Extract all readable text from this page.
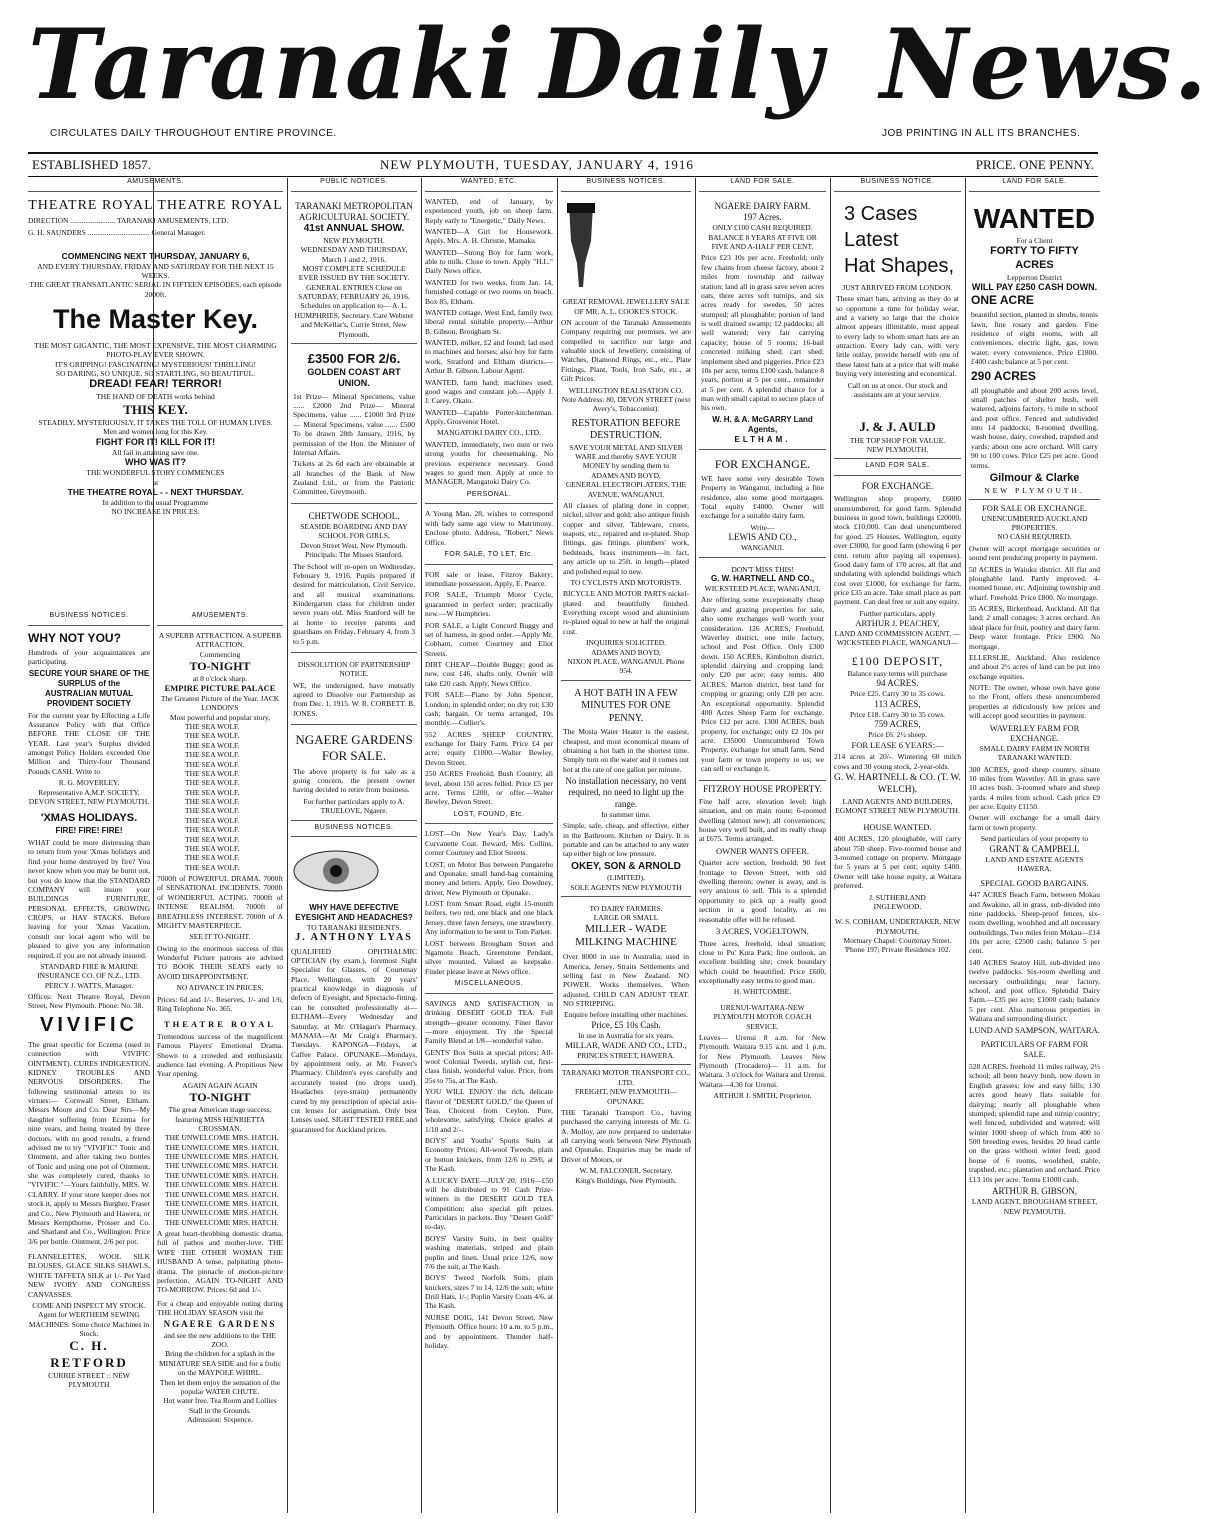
Taranaki Daily News.
CIRCULATES DAILY THROUGHOUT ENTIRE PROVINCE.	JOB PRINTING IN ALL ITS BRANCHES.
ESTABLISHED 1857.	NEW PLYMOUTH, TUESDAY, JANUARY 4, 1916	PRICE. ONE PENNY.
AMUSEMENTS.
THEATRE ROYAL THEATRE ROYAL
DIRECTION ........................ TARANAKI AMUSEMENTS, LTD.
G. H. SAUNDERS ................................. General Manager.
COMMENCING NEXT THURSDAY, JANUARY 6,
AND EVERY THURSDAY, FRIDAY AND SATURDAY FOR THE NEXT 15 WEEKS.
THE GREAT TRANSATLANTIC SERIAL IN FIFTEEN EPISODES, each episode 2000ft.
The Master Key.
THE MOST GIGANTIC, THE MOST EXPENSIVE, THE MOST CHARMING PHOTO-PLAY EVER SHOWN.
IT'S GRIPPING! FASCINATING! MYSTERIOUS! THRILLING!
SO DARING, SO UNIQUE, SO STARTLING, SO BEAUTIFUL.
DREAD! FEAR! TERROR!
THE HAND OF DEATH works behind
THIS KEY.
STEADILY, MYSTERIOUSLY, IT TAKES THE TOLL OF HUMAN LIVES.
Men and women long for this Key.
FIGHT FOR IT! KILL FOR IT!
All fail in attaining save one.
WHO WAS IT?
THE WONDERFUL STORY COMMENCES
at
THE THEATRE ROYAL - - NEXT THURSDAY.
In addition to the usual Programme
NO INCREASE IN PRICES.
BUSINESS NOTICES.
WHY NOT YOU?
Hundreds of your acquaintances are participating.
SECURE YOUR SHARE OF THE SURPLUS of the
AUSTRALIAN MUTUAL PROVIDENT SOCIETY
For the current year by Effecting a Life Assurance Policy with that Office BEFORE THE CLOSE OF THE YEAR. Last year's Surplus divided amongst Policy Holders exceeded One Million and Thirty-four Thousand Pounds CASH. Write to
R. G. MOVERLEY,
Representative A.M.P. SOCIETY, DEVON STREET, NEW PLYMOUTH.
'XMAS HOLIDAYS.
FIRE! FIRE! FIRE!
WHAT could be more distressing than to return from your 'Xmas holidays and find your home destroyed by fire? You never know when you may be burnt out, but you do know that the STANDARD COMPANY will insure your BUILDINGS FURNITURE, PERSONAL EFFECTS, GROWING CROPS, or HAY STACKS. Before leaving for your 'Xmas Vacation, consult our local agent who will be pleased to give you any information required, if you are not already insured.
STANDARD FIRE & MARINE INSURANCE CO. OF N.Z., LTD.
PERCY J. WATTS, Manager.
Offices: Next Theatre Royal, Devon Street, New Plymouth. Phone: No. 38.
VIVIFIC
The great specific for Eczema (used in connection with VIVIFIC OINTMENT). CURES INDIGESTION, KIDNEY TROUBLES AND NERVOUS DISORDERS. The following testimonial attests to its virtues:— Cornwall Street, Eltham. Messrs Moore and Co. Dear Sirs—My daughter suffering from Eczema for nine years, and being treated by three doctors, with no good results, a friend advised me to try "VIVIFIC" Tonic and Ointment, and after taking two bottles of Tonic and using one pot of Ointment, she was completely cured, thanks to "VIVIFIC."—Yours faithfully, MRS. W. CLARRY. If your store keeper does not stock it, apply to Messrs Burgher, Fraser and Co., New Plymouth and Hawera, or Messrs Kempthorne, Prosser and Co. and Sharland and Co., Wellington. Price 3/6 per bottle. Ointment, 2/6 per pot.
FLANNELETTES, WOOL SILK BLOUSES, GLACE SILKS SHAWLS, WHITE TAFFETA SILK at 1/- Per Yard NEW IVORY AND CONGRESS CANVASSES.
COME AND INSPECT MY STOCK.
Agent for WERTHEIM SEWING MACHINES. Some choice Machines in Stock.
C. H. RETFORD
CURRIE STREET :: NEW PLYMOUTH
AMUSEMENTS.
A SUPERB ATTRACTION. A SUPERB ATTRACTION.
Commencing
TO-NIGHT
at 8 o'clock sharp.
EMPIRE PICTURE PALACE
The Greatest Picture of the Year. JACK LONDON'S
Most powerful and popular story,
THE SEA WOLF.
THE SEA WOLF.
THE SEA WOLF.
THE SEA WOLF.
THE SEA WOLF.
THE SEA WOLF.
THE SEA WOLF.
THE SEA WOLF.
THE SEA WOLF.
THE SEA WOLF.
THE SEA WOLF.
THE SEA WOLF.
THE SEA WOLF.
THE SEA WOLF.
THE SEA WOLF.
THE SEA WOLF.
7000ft of POWERFUL DRAMA. 7000ft of SENSATIONAL INCIDENTS. 7000ft of WONDERFUL ACTING. 7000ft of INTENSE REALISM. 7000ft of BREATHLESS INTEREST. 7000ft of A MIGHTY MASTERPIECE.
SEE IT TO-NIGHT.
Owing to the enormous success of this Wonderful Picture patrons are advised TO BOOK THEIR SEATS early to AVOID DISAPPOINTMENT.
NO ADVANCE IN PRICES.
Prices: 6d and 1/-. Reserves, 1/- and 1/6, Ring Telephone No. 365.
THEATRE ROYAL
Tremendous success of the magnificent Famous Players' Emotional Drama. Shown to a crowded and enthusiastic audience last evening. A Propitious New Year opening.
AGAIN AGAIN AGAIN
TO-NIGHT
The great American stage success, featuring MISS HENRIETTA CROSSMAN.
THE UNWELCOME MRS. HATCH.
THE UNWELCOME MRS. HATCH.
THE UNWELCOME MRS. HATCH.
THE UNWELCOME MRS. HATCH.
THE UNWELCOME MRS. HATCH.
THE UNWELCOME MRS. HATCH.
THE UNWELCOME MRS. HATCH.
THE UNWELCOME MRS. HATCH.
THE UNWELCOME MRS. HATCH.
THE UNWELCOME MRS. HATCH.
A great heart-throbbing domestic drama, full of pathos and mother-love. THE WIFE THE OTHER WOMAN THE HUSBAND A tense, palpitating photo-drama. The pinnacle of motion-picture perfection. AGAIN TO-NIGHT AND TO-MORROW. Prices: 6d and 1/-.
For a cheap and enjoyable outing during THE HOLIDAY SEASON visit the
NGAERE GARDENS
and see the new additions to the THE ZOO.
Bring the children for a splash in the MINIATURE SEA SIDE and for a frolic on the MAYPOLE WHIRL.
Then let them enjoy the sensation of the popular WATER CHUTE.
Hot water free. Tea Room and Lollies Stall in the Grounds.
Admission: Sixpence.
PUBLIC NOTICES.
TARANAKI METROPOLITAN AGRICULTURAL SOCIETY.
41st ANNUAL SHOW.
NEW PLYMOUTH.
WEDNESDAY AND THURSDAY, March 1 and 2, 1916.
MOST COMPLETE SCHEDULE EVER ISSUED BY THE SOCIETY.
GENERAL ENTRIES Close on SATURDAY, FEBRUARY 26, 1916.
Schedules on application to— A. L. HUMPHRIES, Secretary. Care Webster and McKellar's, Currie Street, New Plymouth.
£3500 FOR 2/6.
GOLDEN COAST ART UNION.
1st Prize— Mineral Specimens, value ...... £2000 2nd Prize— Mineral Specimens, value ...... £1000 3rd Prize— Mineral Specimens, value ...... £500 To be drawn 28th January, 1916, by permission of the Hon. the Minister of Internal Affairs.
Tickets at 2s 6d each are obtainable at all branches of the Bank of New Zealand Ltd., or from the Patriotic Committee, Greymouth.
CHETWODE SCHOOL.
SEASIDE BOARDING AND DAY SCHOOL FOR GIRLS,
Devon Street West, New Plymouth.
Principals: The Misses Stanford.
The School will re-open on Wednesday, February 9, 1916. Pupils prepared if desired for matriculation, Civil Service, and all musical examinations. Kindergarten class for children under seven years old. Miss Stanford will be at home to receive parents and guardians on Friday, February 4, from 3 to 5 p.m.
DISSOLUTION OF PARTNERSHIP NOTICE.
WE, the undersigned, have mutually agreed to Dissolve our Partnership as from Dec. 1, 1915. W. R. CORBETT. B. JONES.
NGAERE GARDENS FOR SALE.
The above property is for sale as a going concern, the present owner having decided to retire from business.
For further particulars apply to A. TRUELOVE, Ngaere.
BUSINESS NOTICES.
WHY HAVE DEFECTIVE EYESIGHT AND HEADACHES?
TO TARANAKI RESIDENTS.
J. ANTHONY LYAS
QUALIFIED OPHTHALMIC OPTICIAN (by exam.), foremost Sight Specialist for Glasses, of Courtenay Place, Wellington, with 20 years' practical knowledge in diagnosis of defects of Eyesight, and Spectacle-fitting, can be consulted professionally at— ELTHAM—Every Wednesday and Saturday, at Mr. O'Hagan's Pharmacy. MANAIA—At Mr Craig's Pharmacy, Tuesdays. KAPONGA—Fridays, at Caffee Palace. OPUNAKE—Mondays, by appointment only, at Mr. Feaver's Pharmacy. Children's eyes carefully and accurately tested (no drops used). Headaches (eye-strain) permanently cured by my prescription of special axis-cut lenses for astigmatism. Only best Lenses used. SIGHT TESTED FREE and guaranteed for Auckland prices.
WANTED, ETC.
WANTED, end of January, by experienced youth, job on sheep farm. Reply early to "Energetic," Daily News.
WANTED—A Girl for Housework. Apply, Mrs. A. H. Christie, Mamaku.
WANTED—Strong Boy for farm work, able to milk. Close to town. Apply "H.L." Daily News office.
WANTED for two weeks, from Jan. 14, furnished cottage or two rooms on beach. Box 85, Eltham.
WANTED cottage, West End, family two; liberal rental suitable property.—Arthur B. Gibson, Brougham St.
WANTED, milker, £2 and found; lad used to machines and horses; also boy for farm work, Stratford and Eltham districts.—Arthur B. Gibson, Labour Agent.
WANTED, farm hand; machines used; good wages and constant job.—Apply J. J. Carey, Okato.
WANTED—Capable Porter-kitchenman. Apply, Grosvenor Hotel.
MANGATOKI DAIRY CO., LTD.
WANTED, immediately, two men or two strong youths for cheesemaking. No previous experience necessary. Good wages to good men. Apply at once to MANAGER, Mangatoki Dairy Co.
PERSONAL.
A Young Man, 28, wishes to correspond with lady same age view to Matrimony. Enclose photo. Address, "Robert," News Office.
FOR SALE, TO LET, Etc.
FOR sale or lease, Fitzroy Bakery; immediate possession. Apply, E. Pearce.
FOR SALE, Triumph Motor Cycle, guaranteed in perfect order; practically new.—W Humphries.
FOR SALE, a Light Concord Buggy and set of harness, in good order.—Apply Mr. Cobham, corner Courtney and Eliot Streets.
DIRT CHEAP—Double Buggy; good as new, cost £46, shafts only. Owner will take £20 cash. Apply, News Office.
FOR SALE—Piano by John Spencer, London; in splendid order; no dry rot; £30 cash; bargain. Or terms arranged, 10s monthly.—Collier's.
552 ACRES SHEEP COUNTRY, exchange for Dairy Farm. Price £4 per acre; equity £1000.—Walter Bewley, Devon Street.
250 ACRES Freehold, Bush Country, all level, about 150 acres felled. Price £5 per acre. Terms £200, or offer.—Walter Bewley, Devon Street.
LOST, FOUND, Etc.
LOST—On New Year's Day, Lady's Curvanette Coat. Reward, Mrs. Collins, corner Courtney and Eliot Streets.
LOST, on Motor Bus between Pungarehu and Opunake, small hand-bag containing money and letters. Apply, Geo Dowdney, driver, New Plymouth or Opunake.
LOST from Smart Road, eight 15-month heifers, two red, one black and one black Jersey, three fawn Jerseys, one strawberry. Any information to be sent to Tom Parker.
LOST between Brougham Street and Ngamotu Beach, Greenstone Pendant, silver mounted. Valued as keepsake. Finder please leave at News office.
MISCELLANEOUS.
SAVINGS AND SATISFACTION in drinking DESERT GOLD TEA. Full strength—greater economy. Finer flavor—more enjoyment. Try the Special Family Blend at 1/8—wonderful value.
GENTS' Box Suits at special prices; All-wool Colonial Tweeds, stylish cut, first-class finish, wonderful value. Price, from 25s to 75s, at The Kash.
YOU WILL ENJOY the rich, delicate flavor of "DESERT GOLD," the Queen of Teas. Choicest from Ceylon. Pure, wholesome, satisfying. Choice grades at 1/10 and 2/-.
BOYS' and Youths' Sports Suits at Economy Prices; All-wool Tweeds, plain or button knickers, from 12/6 to 29/6, at The Kash.
A LUCKY DATE—JULY 20, 1916—£50 will be distributed to 91 Cash Prize-winners in the DESERT GOLD TEA Competition; also special gift prizes. Particulars in packets. Buy "Desert Gold" to-day.
BOYS' Varsity Suits, in best quality washing materials, striped and plain poplin and linen. Usual price 12/6, now 7/6 the suit, at The Kash.
BOYS' Tweed Norfolk Suits, plain knickers, sizes 7 to 14, 12/6 the suit; white Drill Hats, 1/-; Poplin Varsity Coats 4/6, at The Kash.
NURSE DOIG, 141 Devon Street, New Plymouth. Office hours: 10 a.m. to 5 p.m., and by appointment. Thunder half-holiday.
BUSINESS NOTICES.
GREAT REMOVAL JEWELLERY SALE OF MR. A. L. COOKE'S STOCK.
ON account of the Taranaki Amusements Company requiring our premises, we are compelled to sacrifice our large and valuable stock of Jewellery, consisting of Watches, Diamond Rings, etc., etc., Plate Fittings, Plant, Tools, Iron Safe, etc., at Gift Prices.
WELLINGTON REALISATION CO.
Note Address: 80, DEVON STREET (next Avery's, Tobacconist).
RESTORATION BEFORE DESTRUCTION.
SAVE YOUR METAL AND SILVER WARE and thereby SAVE YOUR MONEY by sending them to
ADAMS AND BOYD,
GENERAL ELECTROPLATERS, THE AVENUE, WANGANUI.
All classes of plating done in copper, nickel, silver and gold; also antique finish copper and silver. Tableware, cruets, teapots, etc., repaired and re-plated. Shop fittings, gas fittings, plumbers' work, bedsteads, brass instruments—in fact, any article up to 25ft. in length—plated and polished equal to new.
TO CYCLISTS AND MOTORISTS.
BICYCLE AND MOTOR PARTS nickel-plated and beautifully finished. Everything except wood and aluminium re-plated equal to new at half the original cost.
INQUIRIES SOLICITED.
ADAMS AND BOYD,
NIXON PLACE, WANGANUI. Phone 954.
A HOT BATH IN A FEW MINUTES FOR ONE PENNY.
The Mosta Water Heater is the easiest, cheapest, and most economical means of obtaining a hot bath in the shortest time. Simply turn on the water and it comes out hot at the rate of one gallon per minute.
No installation necessary, no vent required, no need to light up the range.
In summer time.
Simple, safe, cheap, and effective, either in the Bathroom, Kitchen or Dairy. It is portable and can be attached to any water tap either high or low pressure.
OKEY, SON & ARNOLD
(LIMITED),
SOLE AGENTS NEW PLYMOUTH
TO DAIRY FARMERS.
LARGE OR SMALL
MILLER - WADE MILKING MACHINE
Over 8000 in use in Australia; used in America, Jersey, Straits Settlements and selling fast in New Zealand. NO POWER. Works themselves. When adjusted, CHILD CAN ADJUST TEAT. NO STRIPPING.
Enquire before installing other machines.
Price, £5 10s Cash.
In use in Australia for six years.
MILLAR, WADE AND CO., LTD.,
PRINCES STREET, HAWERA.
TARANAKI MOTOR TRANSPORT CO., LTD.
FREIGHT, NEW PLYMOUTH—OPUNAKE.
THE Taranaki Transport Co., having purchased the carrying interests of Mr. G. A. Molloy, are now prepared to undertake all carrying work between New Plymouth and Opunake. Enquiries may be made of Driver of Motors, or
W. M. FALCONER, Secretary.
King's Buildings, New Plymouth.
LAND FOR SALE.
NGAERE DAIRY FARM.
197 Acres.
ONLY £100 CASH REQUIRED.
BALANCE 8 YEARS AT FIVE OR FIVE AND A-HALF PER CENT.
Price £23 10s per acre. Freehold; only few chains from cheese factory, about 2 miles from township and railway station; land all in grass save seven acres oats, three acres soft turnips, and six acres ready for swedes, 50 acres stumped; all ploughable; portion of land is well drained swamp; 12 paddocks; all well watered; very fair carrying capacity; house of 5 rooms; 16-bail concreted milking shed; cart shed; implement shed and piggeries. Price £23 10s per acre, terms £100 cash, balance 8 years, portion at 5 per cent., remainder at 5 per cent. A splendid chance for a man with small capital to secure place of his own.
W. H. & A. McGARRY Land Agents,
ELTHAM.
FOR EXCHANGE.
WE have some very desirable Town Property in Wanganui, including a fine residence, also some good mortgages. Total equity £4000. Owner will exchange for a suitable dairy farm.
Write—
LEWIS AND CO.,
WANGANUI.
DON'T MISS THIS!
G. W. HARTNELL AND CO.,
WICKSTEED PLACE, WANGANUI.
Are offering some exceptionally cheap dairy and grazing properties for sale, also some exchanges well worth your consideration. 126 ACRES, Freehold, Waverley district, one mile factory, school and Post Office. Only £300 down. 150 ACRES, Kimbolton district, splendid dairying and cropping land; only £20 per acre; easy terms. 400 ACRES, Marton district, best land for cropping or grazing; only £28 per acre. An exceptional opportunity. Splendid 400 Acres Sheep Farm for exchange. Price £12 per acre. 1300 ACRES, bush property, for exchange; only £2 10s per acre. £35000 Unencumbered Town Property, exchange for small farm. Send your farm or town property to us; we can sell or exchange it.
FITZROY HOUSE PROPERTY.
Fine half acre, elevation level; high situation, and on main route; 6-roomed dwelling (almost new); all conveniences; house very well built, and its really cheap at £675. Terms arranged.
OWNER WANTS OFFER.
Quarter acre section, freehold; 90 feet frontage to Devon Street, with old dwelling thereon; owner is away, and is very anxious to sell. This is a splendid opportunity to pick up a really good section in a good locality, as no reasonable offer will be refused.
3 ACRES, VOGELTOWN.
Three acres, freehold, ideal situation; close to Pu' Kura Park; fine outlook, an excellent building site; creek boundary which could be beautified. Price £600, exceptionally easy terms to good man.
H. WHITCOMBE.
URENUI-WAITARA-NEW PLYMOUTH MOTOR COACH SERVICE.
Leaves— Urenui 8 a.m. for New Plymouth. Waitara 9.15 a.m. and 1 p.m. for New Plymouth. Leaves New Plymouth (Trocadero)— 11 a.m. for Waitara. 3 o'clock for Waitara and Urenui. Waitara—4.30 for Urenui.
ARTHUR J. SMITH, Proprietor.
BUSINESS NOTICE.
3 Cases
Latest
Hat Shapes,
JUST ARRIVED FROM LONDON.
These smart hats, arriving as they do at so opportune a time for holiday wear, and a variety so large that the choice almost appears illimitable, must appeal to every lady to whom smart hats are an attraction. Every lady can, with very little outlay, provide herself with one of these latest hats at a price that will make buying very interesting and economical.
Call on us at once. Our stock and assistants are at your service.
J. & J. AULD
THE TOP SHOP FOR VALUE.
NEW PLYMOUTH.
LAND FOR SALE.
FOR EXCHANGE.
Wellington shop property, £6000 unencumbered, for good farm. Splendid business in good town, buildings £20000, stock £10,000. Can deal unencumbered for good. 25 Houses, Wellington, equity over £3000, for good farm (showing 6 per cent. return after paying all expenses). Good dairy farm of 170 acres, all flat and undulating with splendid buildings which cost over £1000, for exchange for farm, price £35 an acre. Take small place as part payment. Can deal free or suit any equity.
Further particulars, apply
ARTHUR J. PEACHEY,
LAND AND COMMISSION AGENT, —WICKSTEED PLACE, WANGANUI—
£100 DEPOSIT,
Balance easy terms will purchase
94 ACRES.
Price £25. Carry 30 to 35 cows.
113 ACRES,
Price £18. Carry 30 to 35 cows.
759 ACRES,
Price £6. 2½ sheep.
FOR LEASE 6 YEARS:—
214 acres at 20/-. Wintering 60 milch cows and 30 young stock, 2-year-olds.
G. W. HARTNELL & CO. (T. W. WELCH).
LAND AGENTS AND BUILDERS, EGMONT STREET NEW PLYMOUTH.
HOUSE WANTED.
400 ACRES, 120 ploughable, will carry about 750 sheep. Five-roomed house and 3-roomed cottage on property. Mortgage for 5 years at 5 per cent; equity £400. Owner will take house equity, at Waitara preferred.
J. SUTHERLAND
INGLEWOOD.
W. S. COBHAM, UNDERTAKER, NEW PLYMOUTH.
Mortuary Chapel: Courtenay Street. 'Phone 197; Private Residence 102.
LAND FOR SALE.
WANTED
For a Client
FORTY TO FIFTY ACRES
Lepperton District
WILL PAY £250 CASH DOWN.
ONE ACRE
beautiful section, planted in shrubs, tennis lawn, fine rosary and garden. Fine residence of eight rooms, with all conveniences, electric light, gas, town water, every convenience. Price £1800. £400 cash; balance at 5 per cent.
290 ACRES
all ploughable and about 200 acres level, small patches of shelter bush, well watered, adjoins factory, ½ mile to school and post office. Fenced and subdivided into 14 paddocks; 8-roomed dwelling, wash house, dairy, cowshed, trapshed and yards; about one acre orchard. Will carry 90 to 100 cows. Price £25 per acre. Good terms.
Gilmour & Clarke
NEW PLYMOUTH.
FOR SALE OR EXCHANGE.
UNENCUMBERED AUCKLAND PROPERTIES.
NO CASH REQUIRED.
Owner will accept mortgage securities or sound rent producing property in payment.
50 ACRES in Waiuku district. All flat and ploughable land. Partly improved. 4-roomed house, etc. Adjoining township and wharf. Freehold. Price £800. No mortgage.
35 ACRES, Birkenhead, Auckland. All flat land; 2 small cottages; 3 acres orchard. An ideal place for fruit, poultry and dairy farm. Deep water frontage. Price £900. No mortgage.
ELLERSLIE, Auckland. Also residence and about 2½ acres of land can be put into exchange equities.
NOTE: The owner, whose own have gone to the Front, offers these unencumbered properties at ridiculously low prices and will accept good securities in payment.
WAVERLEY FARM FOR EXCHANGE.
SMALL DAIRY FARM IN NORTH TARANAKI WANTED.
300 ACRES, good sheep country, situate 10 miles from Waverley. All in grass save 10 acres bush. 3-roomed whare and sheep yards. 4 miles from school. Cash price £9 per acre. Equity £1150.
Owner will exchange for a small dairy farm or town property.
Send particulars of your property to
GRANT & CAMPBELL
LAND AND ESTATE AGENTS HAWERA.
SPECIAL GOOD BARGAINS.
447 ACRES Beach Farm, between Mokau and Awakino, all in grass, sub-divided into nine paddocks. Sheep-proof fences, six-room dwelling, woolshed and all necessary outbuildings. Two miles from Mokau—£14 10s per acre; £2500 cash; balance 5 per cent.
140 ACRES Seatoy Hill, sub-divided into twelve paddocks. Six-room dwelling and necessary outbuildings; near factory, school, and post office. Splendid Dairy Farm.—£35 per acre; £1000 cash; balance 5 per cent. Also numerous properties in Waitara and surrounding district.
LUND AND SAMPSON, WAITARA.
PARTICULARS OF FARM FOR SALE.
528 ACRES, freehold 11 miles railway, 2½ school; all been heavy bush, now down in English grasses; low and easy hills; 130 acres good heavy flats suitable for dairying; nearly all ploughable when stumped; splendid rape and turnip country; well fenced, subdivided and watered; will winter 1000 sheep of which from 400 to 500 breeding ewes, besides 20 head cattle on the grass without winter feed; good house of 6 rooms, woolshed, stable, trapshed, etc.; plantation and orchard. Price £13 10s per acre. Terms £1000 cash.
ARTHUR B. GIBSON,
LAND AGENT, BROUGHAM STREET, NEW PLYMOUTH.
